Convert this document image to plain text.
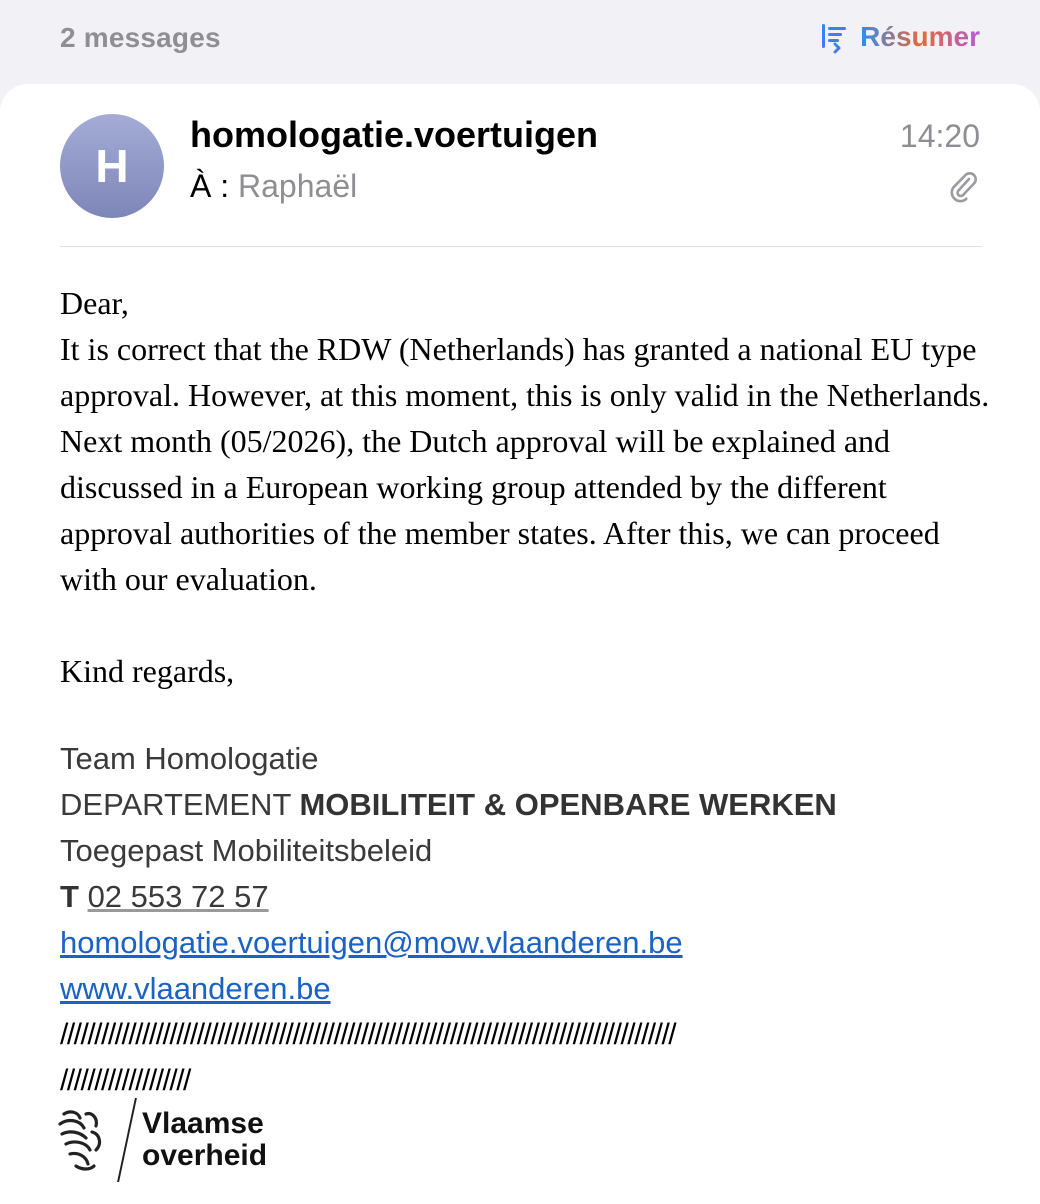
2 messages	Résumer
H
homologatie.voertuigen
À : Raphaël
14:20

Dear,

It is correct that the RDW (Netherlands) has granted a national EU type approval. However, at this moment, this is only valid in the Netherlands. Next month (05/2026), the Dutch approval will be explained and discussed in a European working group attended by the different approval authorities of the member states. After this, we can proceed with our evaluation.

Kind regards,

Team Homologatie
DEPARTEMENT MOBILITEIT & OPENBARE WERKEN
Toegepast Mobiliteitsbeleid
T 02 553 72 57
homologatie.voertuigen@mow.vlaanderen.be
www.vlaanderen.be
//////////////////////////////////////////////////////////////////////////////////////////
///////////////////
Vlaamse
overheid
